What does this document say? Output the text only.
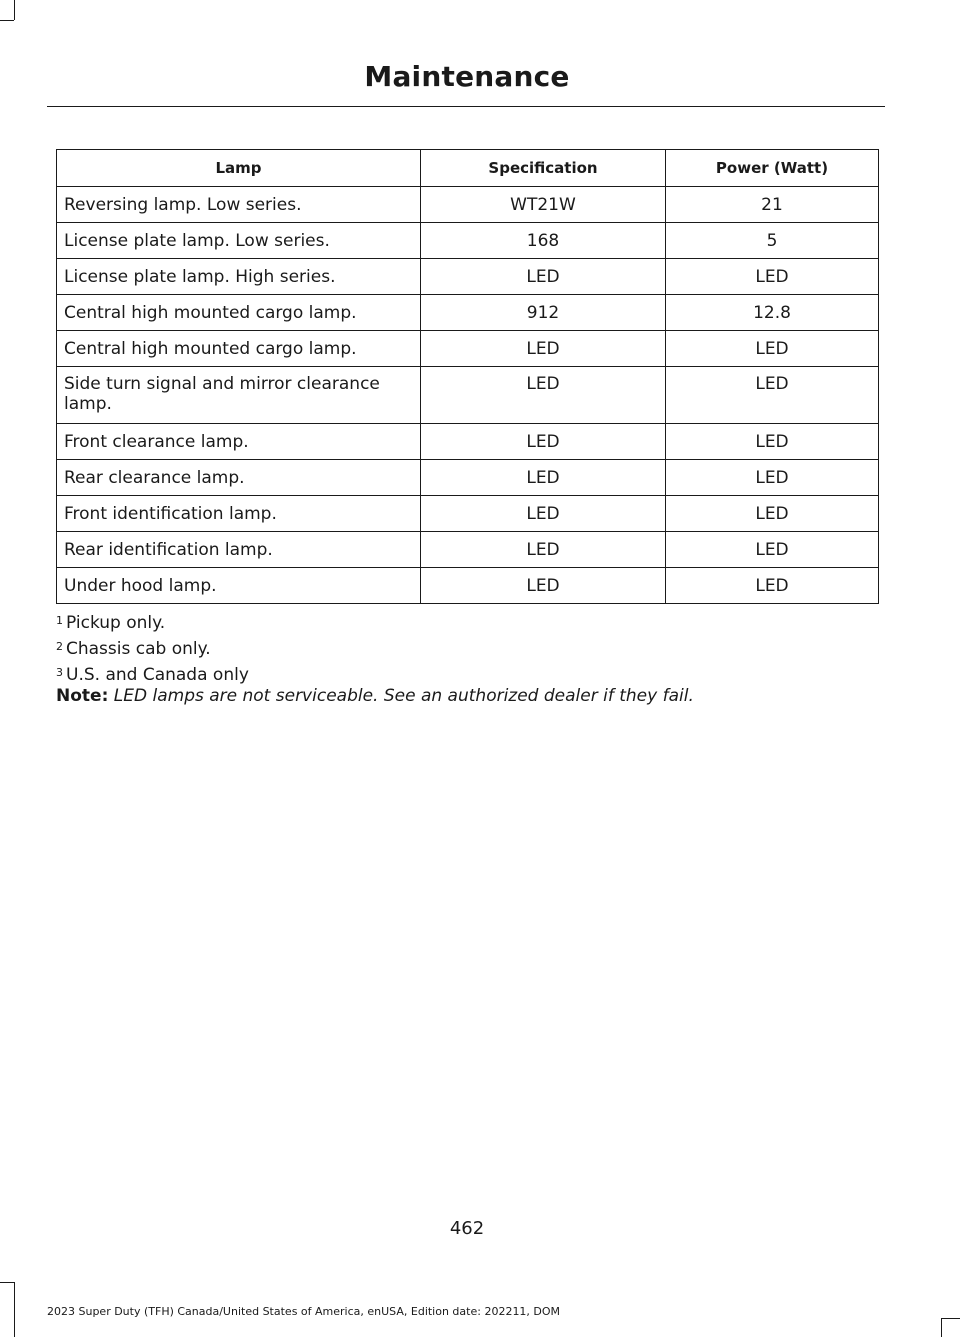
Maintenance
Lamp	Specification	Power (Watt)
Reversing lamp. Low series.	WT21W	21
License plate lamp. Low series.	168	5
License plate lamp. High series.	LED	LED
Central high mounted cargo lamp.	912	12.8
Central high mounted cargo lamp.	LED	LED
Side turn signal and mirror clearance lamp.	LED	LED
Front clearance lamp.	LED	LED
Rear clearance lamp.	LED	LED
Front identification lamp.	LED	LED
Rear identification lamp.	LED	LED
Under hood lamp.	LED	LED
$^1$ Pickup only.
$^2$ Chassis cab only.
$^3$ U.S. and Canada only
Note: LED lamps are not serviceable. See an authorized dealer if they fail.
462
2023 Super Duty (TFH) Canada/United States of America, enUSA, Edition date: 202211, DOM
